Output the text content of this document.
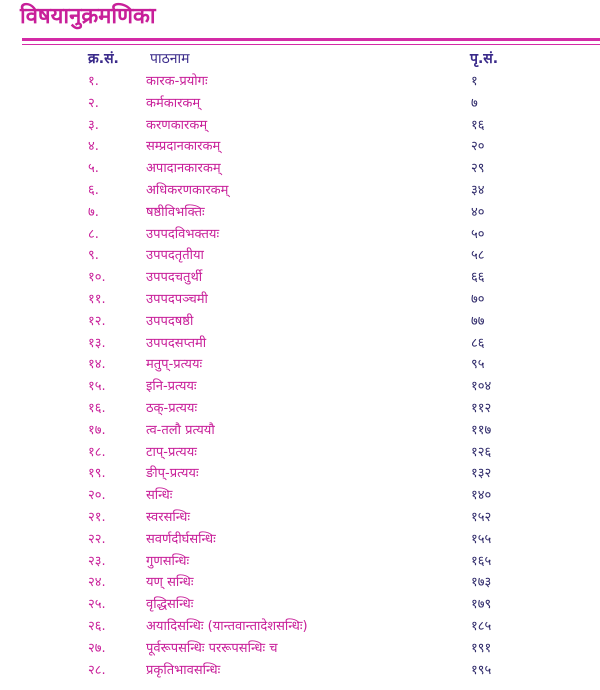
विषयानुक्रमणिका
क्र.सं. पाठनाम	पृ.सं.
१.	कारक-प्रयोगः	१
२.	कर्मकारकम्	७
३.	करणकारकम्	१६
४.	सम्प्रदानकारकम्	२०
५.	अपादानकारकम्	२९
६.	अधिकरणकारकम्	३४
७.	षष्ठीविभक्तिः	४०
८.	उपपदविभक्तयः	५०
९.	उपपदतृतीया	५८
१०.	उपपदचतुर्थी	६६
११.	उपपदपञ्चमी	७०
१२.	उपपदषष्ठी	७७
१३.	उपपदसप्तमी	८६
१४.	मतुप्-प्रत्ययः	९५
१५.	इनि-प्रत्ययः	१०४
१६.	ठक्-प्रत्ययः	११२
१७.	त्व-तलौ प्रत्ययौ	११७
१८.	टाप्-प्रत्ययः	१२६
१९.	ङीप्-प्रत्ययः	१३२
२०.	सन्धिः	१४०
२१.	स्वरसन्धिः	१५२
२२.	सवर्णदीर्घसन्धिः	१५५
२३.	गुणसन्धिः	१६५
२४.	यण् सन्धिः	१७३
२५.	वृद्धिसन्धिः	१७९
२६.	अयादिसन्धिः (यान्तवान्तादेशसन्धिः)	१८५
२७.	पूर्वरूपसन्धिः पररूपसन्धिः च	१९१
२८.	प्रकृतिभावसन्धिः	१९५
